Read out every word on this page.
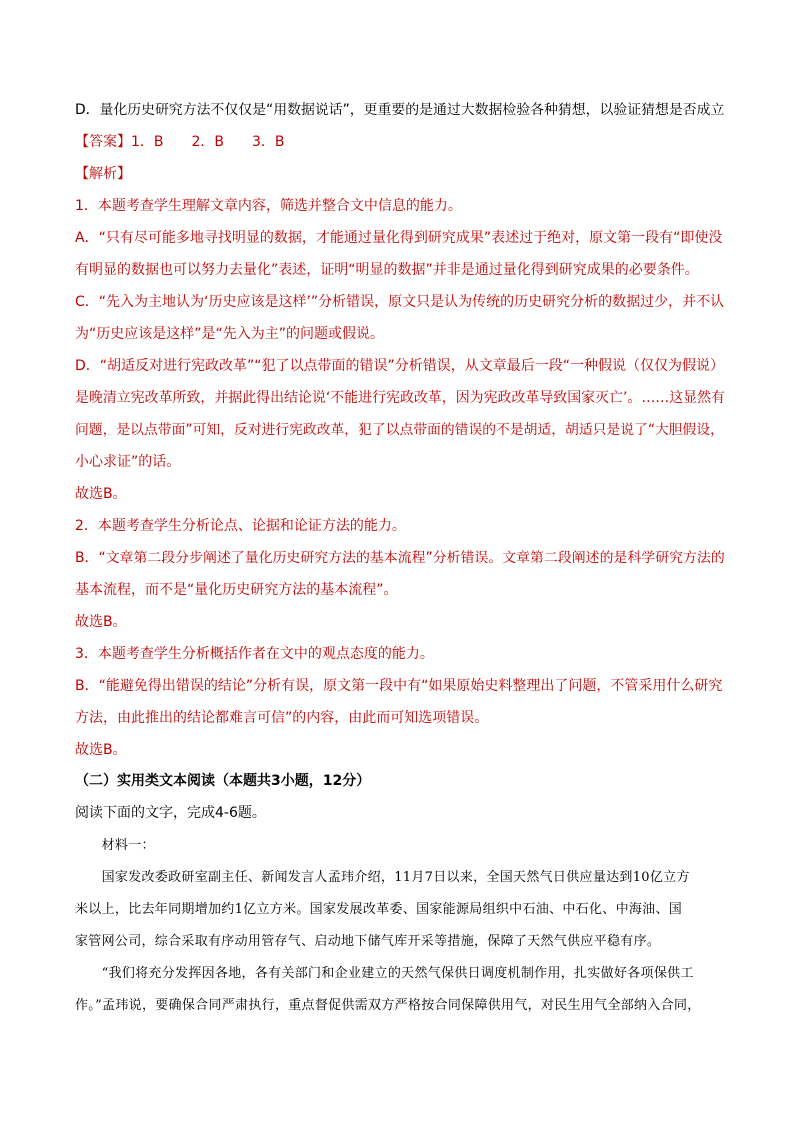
D．量化历史研究方法不仅仅是“用数据说话”，更重要的是通过大数据检验各种猜想，以验证猜想是否成立
【答案】1．B　　2．B　　3．B
【解析】
1．本题考查学生理解文章内容，筛选并整合文中信息的能力。
A．“只有尽可能多地寻找明显的数据，才能通过量化得到研究成果”表述过于绝对，原文第一段有“即使没
有明显的数据也可以努力去量化”表述，证明“明显的数据”并非是通过量化得到研究成果的必要条件。
C．“先入为主地认为‘历史应该是这样’”分析错误，原文只是认为传统的历史研究分析的数据过少，并不认
为“历史应该是这样”是“先入为主”的问题或假说。
D．“胡适反对进行宪政改革”“犯了以点带面的错误”分析错误，从文章最后一段“一种假说（仅仅为假说）
是晚清立宪改革所致，并据此得出结论说‘不能进行宪政改革，因为宪政改革导致国家灭亡’。……这显然有
问题，是以点带面”可知，反对进行宪政改革，犯了以点带面的错误的不是胡适，胡适只是说了“大胆假设，
小心求证”的话。
故选B。
2．本题考查学生分析论点、论据和论证方法的能力。
B．“文章第二段分步阐述了量化历史研究方法的基本流程”分析错误。文章第二段阐述的是科学研究方法的
基本流程，而不是“量化历史研究方法的基本流程”。
故选B。
3．本题考查学生分析概括作者在文中的观点态度的能力。
B．“能避免得出错误的结论”分析有误，原文第一段中有“如果原始史料整理出了问题，不管采用什么研究
方法，由此推出的结论都难言可信”的内容，由此而可知选项错误。
故选B。
（二）实用类文本阅读（本题共3小题，12分）
阅读下面的文字，完成4-6题。
　　材料一：
　　国家发改委政研室副主任、新闻发言人孟玮介绍，11月7日以来，全国天然气日供应量达到10亿立方
米以上，比去年同期增加约1亿立方米。国家发展改革委、国家能源局组织中石油、中石化、中海油、国
家管网公司，综合采取有序动用管存气、启动地下储气库开采等措施，保障了天然气供应平稳有序。
　　“我们将充分发挥因各地，各有关部门和企业建立的天然气保供日调度机制作用，扎实做好各项保供工
作。”孟玮说，要确保合同严肃执行，重点督促供需双方严格按合同保障供用气，对民生用气全部纳入合同，
